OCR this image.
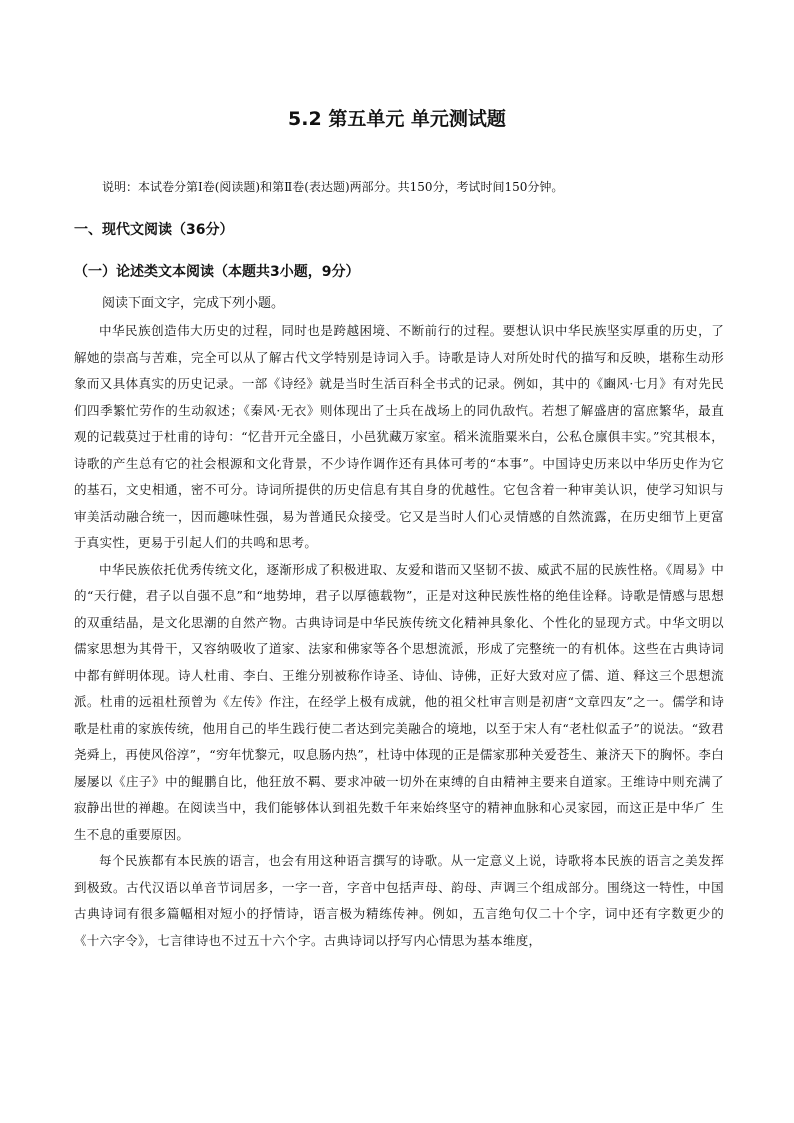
5.2 第五单元 单元测试题
说明：本试卷分第Ⅰ卷(阅读题)和第Ⅱ卷(表达题)两部分。共150分，考试时间150分钟。
一、现代文阅读（36分）
（一）论述类文本阅读（本题共3小题，9分）
阅读下面文字，完成下列小题。

中华民族创造伟大历史的过程，同时也是跨越困境、不断前行的过程。要想认识中华民族坚实厚重的历史，了解她的崇高与苦难，完全可以从了解古代文学特别是诗词入手。诗歌是诗人对所处时代的描写和反映，堪称生动形象而又具体真实的历史记录。一部《诗经》就是当时生活百科全书式的记录。例如，其中的《豳风·七月》有对先民们四季繁忙劳作的生动叙述；《秦风·无衣》则体现出了士兵在战场上的同仇敌忾。若想了解盛唐的富庶繁华，最直观的记载莫过于杜甫的诗句：“忆昔开元全盛日，小邑犹藏万家室。稻米流脂粟米白，公私仓廪俱丰实。”究其根本，诗歌的产生总有它的社会根源和文化背景，不少诗作调作还有具体可考的“本事”。中国诗史历来以中华历史作为它的基石，文史相通，密不可分。诗词所提供的历史信息有其自身的优越性。它包含着一种审美认识，使学习知识与审美活动融合统一，因而趣味性强，易为普通民众接受。它又是当时人们心灵情感的自然流露，在历史细节上更富于真实性，更易于引起人们的共鸣和思考。

中华民族依托优秀传统文化，逐渐形成了积极进取、友爱和谐而又坚韧不拔、威武不屈的民族性格。《周易》中的“天行健，君子以自强不息”和“地势坤，君子以厚德载物”，正是对这种民族性格的绝佳诠释。诗歌是情感与思想的双重结晶，是文化思潮的自然产物。古典诗词是中华民族传统文化精神具象化、个性化的显现方式。中华文明以儒家思想为其骨干，又容纳吸收了道家、法家和佛家等各个思想流派，形成了完整统一的有机体。这些在古典诗词中都有鲜明体现。诗人杜甫、李白、王维分别被称作诗圣、诗仙、诗佛，正好大致对应了儒、道、释这三个思想流派。杜甫的远祖杜预曾为《左传》作注，在经学上极有成就，他的祖父杜审言则是初唐“文章四友”之一。儒学和诗歌是杜甫的家族传统，他用自己的毕生践行使二者达到完美融合的境地，以至于宋人有“老杜似孟子”的说法。“致君尧舜上，再使风俗淳”，“穷年忧黎元，叹息肠内热”，杜诗中体现的正是儒家那种关爱苍生、兼济天下的胸怀。李白屡屡以《庄子》中的鲲鹏自比，他狂放不羁、要求冲破一切外在束缚的自由精神主要来自道家。王维诗中则充满了寂静出世的禅趣。在阅读当中，我们能够体认到祖先数千年来始终坚守的精神血脉和心灵家园，而这正是中华⺁ 生生不息的重要原因。

每个民族都有本民族的语言，也会有用这种语言撰写的诗歌。从一定意义上说，诗歌将本民族的语言之美发挥到极致。古代汉语以单音节词居多，一字一音，字音中包括声母、韵母、声调三个组成部分。围绕这一特性，中国古典诗词有很多篇幅相对短小的抒情诗，语言极为精练传神。例如，五言绝句仅二十个字，词中还有字数更少的《十六字令》，七言律诗也不过五十六个字。古典诗词以抒写内心情思为基本维度，
